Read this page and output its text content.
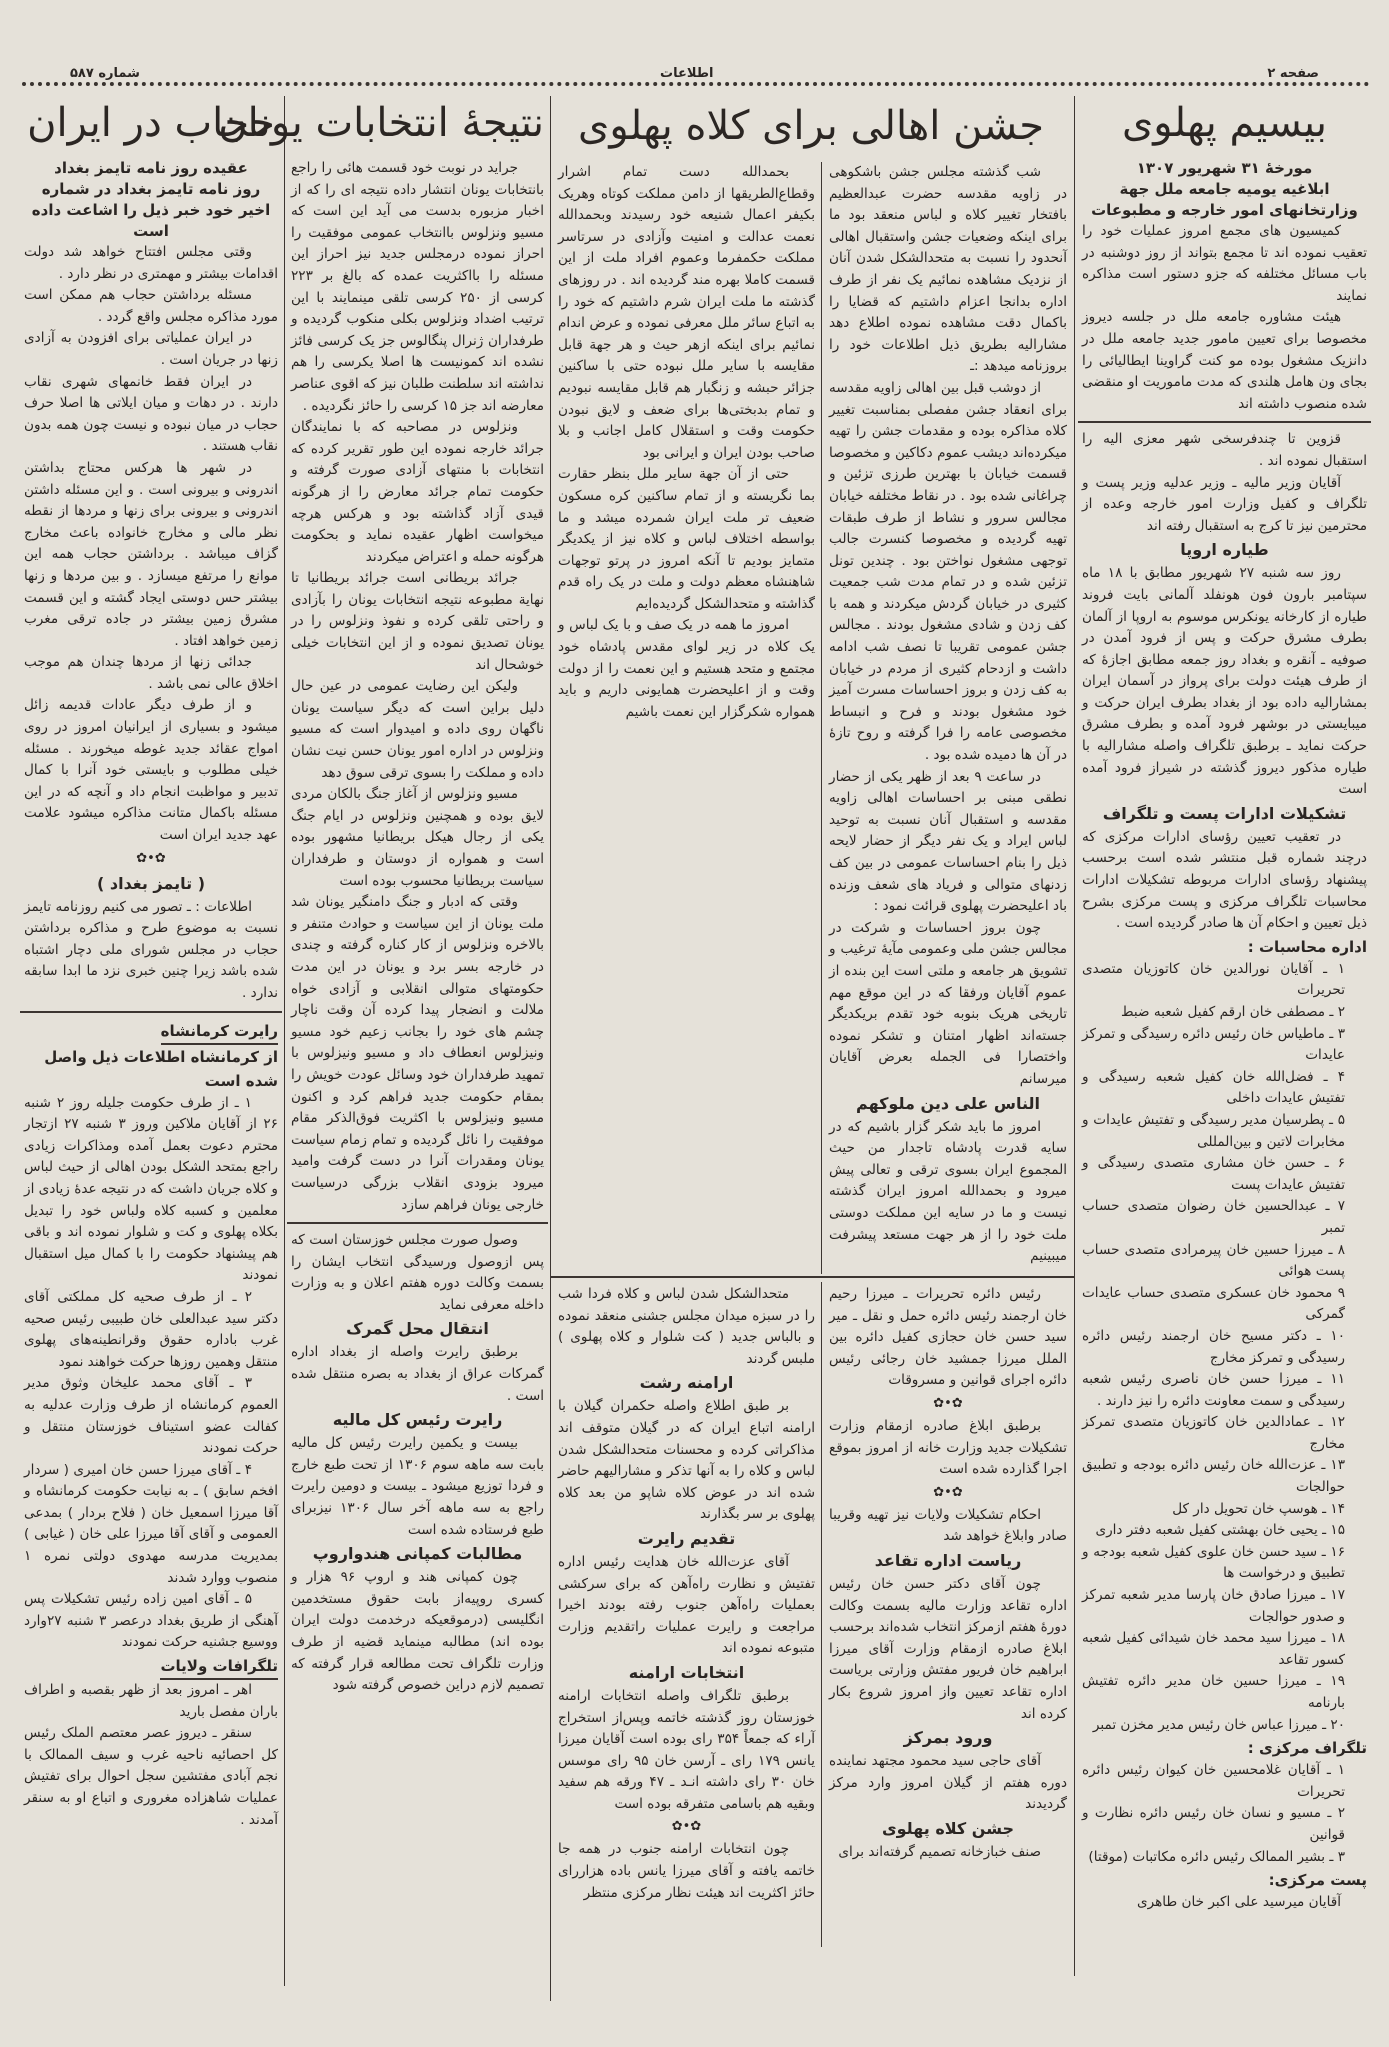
صفحه ۲
اطلاعات
شماره ۵۸۷
جشن اهالی برای کلاه پهلوی	بیسیم پهلوی
مورخهٔ ۳۱ شهریور ۱۳۰۷
ابلاغیه یومیه جامعه ملل جهة وزارتخانهای امور خارجه و مطبوعات

کمیسیون های مجمع امروز عملیات خود را تعقیب نموده اند تا مجمع بتواند از روز دوشنبه در باب مسائل مختلفه که جزو دستور است مذاکره نمایند

هیئت مشاوره جامعه ملل در جلسه دیروز مخصوصا برای تعیین مامور جدید جامعه ملل در دانزیک مشغول بوده مو کنت گراوینا ایطالیائی را بجای ون هامل هلندی که مدت ماموریت او منقضی شده منصوب داشته اند

قزوین تا چندفرسخی شهر معزی الیه را استقبال نموده اند .

آقایان وزیر مالیه ـ وزیر عدلیه وزیر پست و تلگراف و کفیل وزارت امور خارجه وعده از محترمین نیز تا کرج به استقبال رفته اند

طیاره اروپا

روز سه شنبه ۲۷ شهریور مطابق با ۱۸ ماه سپتامبر بارون فون هونفلد آلمانی بایت فروند طیاره از کارخانه یونکرس موسوم به اروپا از آلمان بطرف مشرق حرکت و پس از فرود آمدن در صوفیه ـ آنقره و بغداد روز جمعه مطابق اجازهٔ که از طرف هیئت دولت برای پرواز در آسمان ایران بمشارالیه داده بود از بغداد بطرف ایران حرکت و میبایستی در بوشهر فرود آمده و بطرف مشرق حرکت نماید ـ برطبق تلگراف واصله مشارالیه با طیاره مذکور دیروز گذشته در شیراز فرود آمده است

تشکیلات ادارات پست و تلگراف

در تعقیب تعیین رؤسای ادارات مرکزی که درچند شماره قبل منتشر شده است برحسب پیشنهاد رؤسای ادارات مربوطه تشکیلات ادارات محاسبات تلگراف مرکزی و پست مرکزی بشرح ذیل تعیین و احکام آن ها صادر گردیده است .

اداره محاسبات :

۱ ـ آقایان نورالدین خان کاتوزیان متصدی تحریرات

۲ ـ مصطفی خان ارقم کفیل شعبه ضبط

۳ ـ ماطیاس خان رئیس دائره رسیدگی و تمرکز عایدات

۴ ـ فضل‌الله خان کفیل شعبه رسیدگی و تفتیش عایدات داخلی

۵ ـ پطرسیان مدیر رسیدگی و تفتیش عایدات و مخابرات لاتین و بین‌المللی

۶ ـ حسن خان مشاری متصدی رسیدگی و تفتیش عایدات پست

۷ ـ عبدالحسین خان رضوان متصدی حساب تمبر

۸ ـ میرزا حسین خان پیرمرادی متصدی حساب پست هوائی

۹ محمود خان عسکری متصدی حساب عایدات گمرکی

۱۰ ـ دکتر مسیح خان ارجمند رئیس دائره رسیدگی و تمرکز مخارج

۱۱ ـ میرزا حسن خان ناصری رئیس شعبه رسیدگی و سمت معاونت دائره را نیز دارند .

۱۲ ـ عمادالدین خان کاتوزیان متصدی تمرکز مخارج

۱۳ ـ عزت‌الله خان رئیس دائره بودجه و تطبیق حوالجات

۱۴ ـ هوسپ خان تحویل دار کل

۱۵ ـ یحیی خان بهشتی کفیل شعبه دفتر داری

۱۶ ـ سید حسن خان علوی کفیل شعبه بودجه و تطبیق و درخواست ها

۱۷ ـ میرزا صادق خان پارسا مدیر شعبه تمرکز و صدور حوالجات

۱۸ ـ میرزا سید محمد خان شیدائی کفیل شعبه کسور تقاعد

۱۹ ـ میرزا حسین خان مدیر دائره تفتیش بارنامه

۲۰ ـ میرزا عباس خان رئیس مدیر مخزن تمبر

تلگراف مرکزی :

۱ ـ آقایان غلامحسین خان کیوان رئیس دائره تحریرات

۲ ـ مسیو و نسان خان رئیس دائره نظارت و قوانین

۳ ـ بشیر الممالک رئیس دائره مکاتبات (موقتا)

پست مرکزی:

آقایان میرسید علی اکبر خان طاهری

شب گذشته مجلس جشن باشکوهی در زاویه مقدسه حضرت عبدالعظیم بافتخار تغییر کلاه و لباس منعقد بود ما برای اینکه وضعیات جشن واستقبال اهالی آنحدود را نسبت به متحدالشکل شدن آنان از نزدیک مشاهده نمائیم یک نفر از طرف اداره بدانجا اعزام داشتیم که قضایا را باکمال دقت مشاهده نموده اطلاع دهد مشارالیه بطریق ذیل اطلاعات خود را بروزنامه میدهد :ـ

از دوشب قبل بین اهالی زاویه مقدسه برای انعقاد جشن مفصلی بمناسبت تغییر کلاه مذاکره بوده و مقدمات جشن را تهیه میکرده‌اند دیشب عموم دکاکین و مخصوصا قسمت خیابان با بهترین طرزی تزئین و چراغانی شده بود . در نقاط مختلفه خیابان مجالس سرور و نشاط از طرف طبقات تهیه گردیده و مخصوصا کنسرت جالب توجهی مشغول نواختن بود . چندین تونل تزئین شده و در تمام مدت شب جمعیت کثیری در خیابان گردش میکردند و همه با کف زدن و شادی مشغول بودند . مجالس جشن عمومی تقریبا تا نصف شب ادامه داشت و ازدحام کثیری از مردم در خیابان به کف زدن و بروز احساسات مسرت آمیز خود مشغول بودند و فرح و انبساط مخصوصی عامه را فرا گرفته و روح تازهٔ در آن ها دمیده شده بود .

در ساعت ۹ بعد از ظهر یکی از حضار نطقی مبنی بر احساسات اهالی زاویه مقدسه و استقبال آنان نسبت به توحید لباس ایراد و یک نفر دیگر از حضار لایحه ذیل را بنام احساسات عمومی در بین کف زدنهای متوالی و فریاد های شعف وزنده باد اعلیحضرت پهلوی قرائت نمود :

چون بروز احساسات و شرکت در مجالس جشن ملی وعمومی مآیهٔ ترغیب و تشویق هر جامعه و ملتی است این بنده از عموم آقایان ورفقا که در این موقع مهم تاریخی هریک بنوبه خود تقدم بریکدیگر جسته‌اند اظهار امتنان و تشکر نموده واختصارا فی الجمله بعرض آقایان میرسانم

الناس علی دین ملوکهم

امروز ما باید شکر گزار باشیم که در سایه قدرت پادشاه تاجدار من حیث المجموع ایران بسوی ترقی و تعالی پیش میرود و بحمدالله امروز ایران گذشته نیست و ما در سایه این مملکت دوستی ملت خود را از هر جهت مستعد پیشرفت میبینیم

بحمدالله دست تمام اشرار وقطاع‌الطریقها از دامن مملکت کوتاه وهریک بکیفر اعمال شنیعه خود رسیدند وبحمدالله نعمت عدالت و امنیت وآزادی در سرتاسر مملکت حکمفرما وعموم افراد ملت از این قسمت کاملا بهره مند گردیده اند . در روزهای گذشته ما ملت ایران شرم داشتیم که خود را به اتباع سائر ملل معرفی نموده و عرض اندام نمائیم برای اینکه ازهر حیث و هر جهة قابل مقایسه با سایر ملل نبوده حتی با ساکنین جزائر حبشه و زنگبار هم قابل مقایسه نبودیم و تمام بدبختی‌ها برای ضعف و لایق نبودن حکومت وقت و استقلال کامل اجانب و بلا صاحب بودن ایران و ایرانی بود

حتی از آن جهة سایر ملل بنظر حقارت بما نگریسته و از تمام ساکنین کره مسکون ضعیف تر ملت ایران شمرده میشد و ما بواسطه اختلاف لباس و کلاه نیز از یکدیگر متمایز بودیم تا آنکه امروز در پرتو توجهات شاهنشاه معظم دولت و ملت در یک راه قدم گذاشته و متحدالشکل گردیده‌ایم

امروز ما همه در یک صف و با یک لباس و یک کلاه در زیر لوای مقدس پادشاه خود مجتمع و متحد هستیم و این نعمت را از دولت وقت و از اعلیحضرت همایونی داریم و باید همواره شکرگزار این نعمت باشیم

رئیس دائره تحریرات ـ میرزا رحیم خان ارجمند رئیس دائره حمل و نقل ـ میر سید حسن خان حجازی کفیل دائره بین الملل میرزا جمشید خان رجائی رئیس دائره اجرای قوانین و مسروقات

✿•✿

برطبق ابلاغ صادره ازمقام وزارت تشکیلات جدید وزارت خانه از امروز بموقع اجرا گذارده شده است

✿•✿

احکام تشکیلات ولایات نیز تهیه وقریبا صادر وابلاغ خواهد شد

ریاست اداره تقاعد

چون آقای دکتر حسن خان رئیس اداره تقاعد وزارت مالیه بسمت وکالت دورهٔ هفتم ازمرکز انتخاب شده‌اند برحسب ابلاغ صادره ازمقام وزارت آقای میرزا ابراهیم خان فریور مفتش وزارتی بریاست اداره تقاعد تعیین واز امروز شروع بکار کرده اند

ورود بمرکز

آقای حاجی سید محمود مجتهد نماینده دوره هفتم از گیلان امروز وارد مرکز گردیدند

جشن کلاه پهلوی

صنف خبازخانه تصمیم گرفته‌اند برای

متحدالشکل شدن لباس و کلاه فردا شب را در سبزه میدان مجلس جشنی منعقد نموده و بالباس جدید ( کت شلوار و کلاه پهلوی ) ملبس گردند

ارامنه رشت

بر طبق اطلاع واصله حکمران گیلان با ارامنه اتباع ایران که در گیلان متوقف اند مذاکراتی کرده و محسنات متحدالشکل شدن لباس و کلاه را به آنها تذکر و مشارالیهم حاضر شده اند در عوض کلاه شاپو من بعد کلاه پهلوی بر سر بگذارند

تقدیم رایرت

آقای عزت‌الله خان هدایت رئیس اداره تفتیش و نظارت راه‌آهن که برای سرکشی بعملیات راه‌آهن جنوب رفته بودند اخیرا مراجعت و رایرت عملیات راتقدیم وزارت متبوعه نموده اند

انتخابات ارامنه

برطبق تلگراف واصله انتخابات ارامنه خوزستان روز گذشته خاتمه وپس‌از استخراج آراء که جمعاً ۳۵۴ رای بوده است آقایان میرزا یانس ۱۷۹ رای ـ آرسن خان ۹۵ رای موسس خان ۳۰ رای داشته انـد ـ ۴۷ ورقه هم سفید وبقیه هم باسامی متفرقه بوده است

✿•✿

چون انتخابات ارامنه جنوب در همه جا خاتمه یافته و آقای میرزا یانس باده هزاررای حائز اکثریت اند هیئت نظار مرکزی منتظر

نتیجهٔ انتخابات یونان

جراید در نوبت خود قسمت هائی را راجع بانتخابات یونان انتشار داده نتیجه ای را که از اخبار مزبوره بدست می آید این است که مسیو ونزلوس باانتخاب عمومی موفقیت را احراز نموده درمجلس جدید نیز احراز این مسئله را بااکثریت عمده که بالغ بر ۲۲۳ کرسی از ۲۵۰ کرسی تلقی مینمایند با این ترتیب اضداد ونزلوس بکلی منکوب گردیده و طرفداران ژنرال پنگالوس جز یک کرسی فائز نشده اند کمونیست ها اصلا یکرسی را هم نداشته اند سلطنت طلبان نیز که اقوی عناصر معارضه اند جز ۱۵ کرسی را حائز نگردیده .

ونزلوس در مصاحبه که با نمایندگان جرائد خارجه نموده این طور تقریر کرده که انتخابات با منتهای آزادی صورت گرفته و حکومت تمام جرائد معارض را از هرگونه قیدی آزاد گذاشته بود و هرکس هرچه میخواست اظهار عقیده نماید و بحکومت هرگونه حمله و اعتراض میکردند

جرائد بریطانی است جرائد بریطانیا تا نهایة مطبوعه نتیجه انتخابات یونان را بآزادی و راحتی تلقی کرده و نفوذ ونزلوس را در یونان تصدیق نموده و از این انتخابات خیلی خوشحال اند

ولیکن این رضایت عمومی در عین حال دلیل براین است که دیگر سیاست یونان ناگهان روی داده و امیدوار است که مسیو ونزلوس در اداره امور یونان حسن نیت نشان داده و مملکت را بسوی ترقی سوق دهد

مسیو ونزلوس از آغاز جنگ بالکان مردی لایق بوده و همچنین ونزلوس در ایام جنگ یکی از رجال هیکل بریطانیا مشهور بوده است و همواره از دوستان و طرفداران سیاست بریطانیا محسوب بوده است

وقتی که ادبار و جنگ دامنگیر یونان شد ملت یونان از این سیاست و حوادث متنفر و بالاخره ونزلوس از کار کناره گرفته و چندی در خارجه بسر برد و یونان در این مدت حکومتهای متوالی انقلابی و آزادی خواه ملالت و انضجار پیدا کرده آن وقت ناچار چشم های خود را بجانب زعیم خود مسیو ونیزلوس انعطاف داد و مسیو ونیزلوس با تمهید طرفداران خود وسائل عودت خویش را بمقام حکومت جدید فراهم کرد و اکنون مسیو ونیزلوس با اکثریت فوق‌الذکر مقام موفقیت را نائل گردیده و تمام زمام سیاست یونان ومقدرات آنرا در دست گرفت وامید میرود بزودی انقلاب بزرگی درسیاست خارجی یونان فراهم سازد

وصول صورت مجلس خوزستان است که پس ازوصول ورسیدگی انتخاب ایشان را بسمت وکالت دوره هفتم اعلان و به وزارت داخله معرفی نماید

انتقال محل گمرک

برطبق رایرت واصله از بغداد اداره گمرکات عراق از بغداد به بصره منتقل شده است .

رایرت رئیس کل مالیه

بیست و یکمین رایرت رئیس کل مالیه بابت سه ماهه سوم ۱۳۰۶ از تحت طبع خارج و فردا توزیع میشود ـ بیست و دومین رایرت راجع به سه ماهه آخر سال ۱۳۰۶ نیزبرای طبع فرستاده شده است

مطالبات کمپانی هندواروپ

چون کمپانی هند و اروپ ۹۶ هزار و کسری روپیه‌از بابت حقوق مستخدمین انگلیسی (درموقعیکه درخدمت دولت ایران بوده اند) مطالبه مینماید قضیه از طرف وزارت تلگراف تحت مطالعه قرار گرفته که تصمیم لازم دراین خصوص گرفته شود

حجاب در ایران
عقیده روز نامه تایمز بغداد
روز نامه تایمز بغداد در شماره اخیر خود خبر ذیل را اشاعت داده است

وقتی مجلس افتتاح خواهد شد دولت اقدامات بیشتر و مهمتری در نظر دارد .

مسئله برداشتن حجاب هم ممکن است مورد مذاکره مجلس واقع گردد .

در ایران عملیاتی برای افزودن به آزادی زنها در جریان است .

در ایران فقط خانمهای شهری نقاب دارند . در دهات و میان ایلاتی ها اصلا حرف حجاب در میان نبوده و نیست چون همه بدون نقاب هستند .

در شهر ها هرکس محتاج بداشتن اندرونی و بیرونی است . و این مسئله داشتن اندرونی و بیرونی برای زنها و مردها از نقطه نظر مالی و مخارج خانواده باعث مخارج گزاف میباشد . برداشتن حجاب همه این موانع را مرتفع میسازد . و بین مردها و زنها بیشتر حس دوستی ایجاد گشته و این قسمت مشرق زمین بیشتر در جاده ترقی مغرب زمین خواهد افتاد .

جدائی زنها از مردها چندان هم موجب اخلاق عالی نمی باشد .

و از طرف دیگر عادات قدیمه زائل میشود و بسیاری از ایرانیان امروز در روی امواج عقائد جدید غوطه میخورند . مسئله خیلی مطلوب و بایستی خود آنرا با کمال تدبیر و مواظبت انجام داد و آنچه که در این مسئله باکمال متانت مذاکره میشود علامت عهد جدید ایران است

✿•✿
( تایمز بغداد )

اطلاعات : ـ تصور می کنیم روزنامه تایمز نسبت به موضوع طرح و مذاکره برداشتن حجاب در مجلس شورای ملی دچار اشتباه شده باشد زیرا چنین خبری نزد ما ابدا سابقه ندارد .

رایرت کرمانشاه
از کرمانشاه اطلاعات ذیل واصل شده است

۱ ـ از طرف حکومت جلیله روز ۲ شنبه ۲۶ از آقایان ملاکین وروز ۳ شنبه ۲۷ ازتجار محترم دعوت بعمل آمده ومذاکرات زیادی راجع بمتحد الشکل بودن اهالی از حیث لباس و کلاه جریان داشت که در نتیجه عدهٔ زیادی از معلمین و کسبه کلاه ولباس خود را تبدیل بکلاه پهلوی و کت و شلوار نموده اند و باقی هم پیشنهاد حکومت را با کمال میل استقبال نمودند

۲ ـ از طرف صحیه کل مملکتی آقای دکتر سید عبدالعلی خان طبیبی رئیس صحیه غرب باداره حقوق وقرانطینه‌های پهلوی منتقل وهمین روزها حرکت خواهند نمود

۳ ـ آقای محمد علیخان وثوق مدیر العموم کرمانشاه از طرف وزارت عدلیه به کفالت عضو استیناف خوزستان منتقل و حرکت نمودند

۴ ـ آقای میرزا حسن خان امیری ( سردار افخم سابق ) ـ به نیابت حکومت کرمانشاه و آقا میرزا اسمعیل خان ( فلاح بردار ) بمدعی العمومی و آقای آقا میرزا علی خان ( غیابی ) بمدیریت مدرسه مهدوی دولتی نمره ۱ منصوب ووارد شدند

۵ ـ آقای امین زاده رئیس تشکیلات پس آهنگی از طریق بغداد درعصر ۳ شنبه ۲۷وارد ووسیع جشنیه حرکت نمودند

تلگرافات ولایات

اهر ـ امروز بعد از ظهر بقصبه و اطراف باران مفصل بارید

سنقر ـ دیروز عصر معتصم الملک رئیس کل احصائیه ناحیه غرب و سیف الممالک با نجم آبادی مفتشین سجل احوال برای تفتیش عملیات شاهزاده مغروری و اتباع او به سنقر آمدند .
